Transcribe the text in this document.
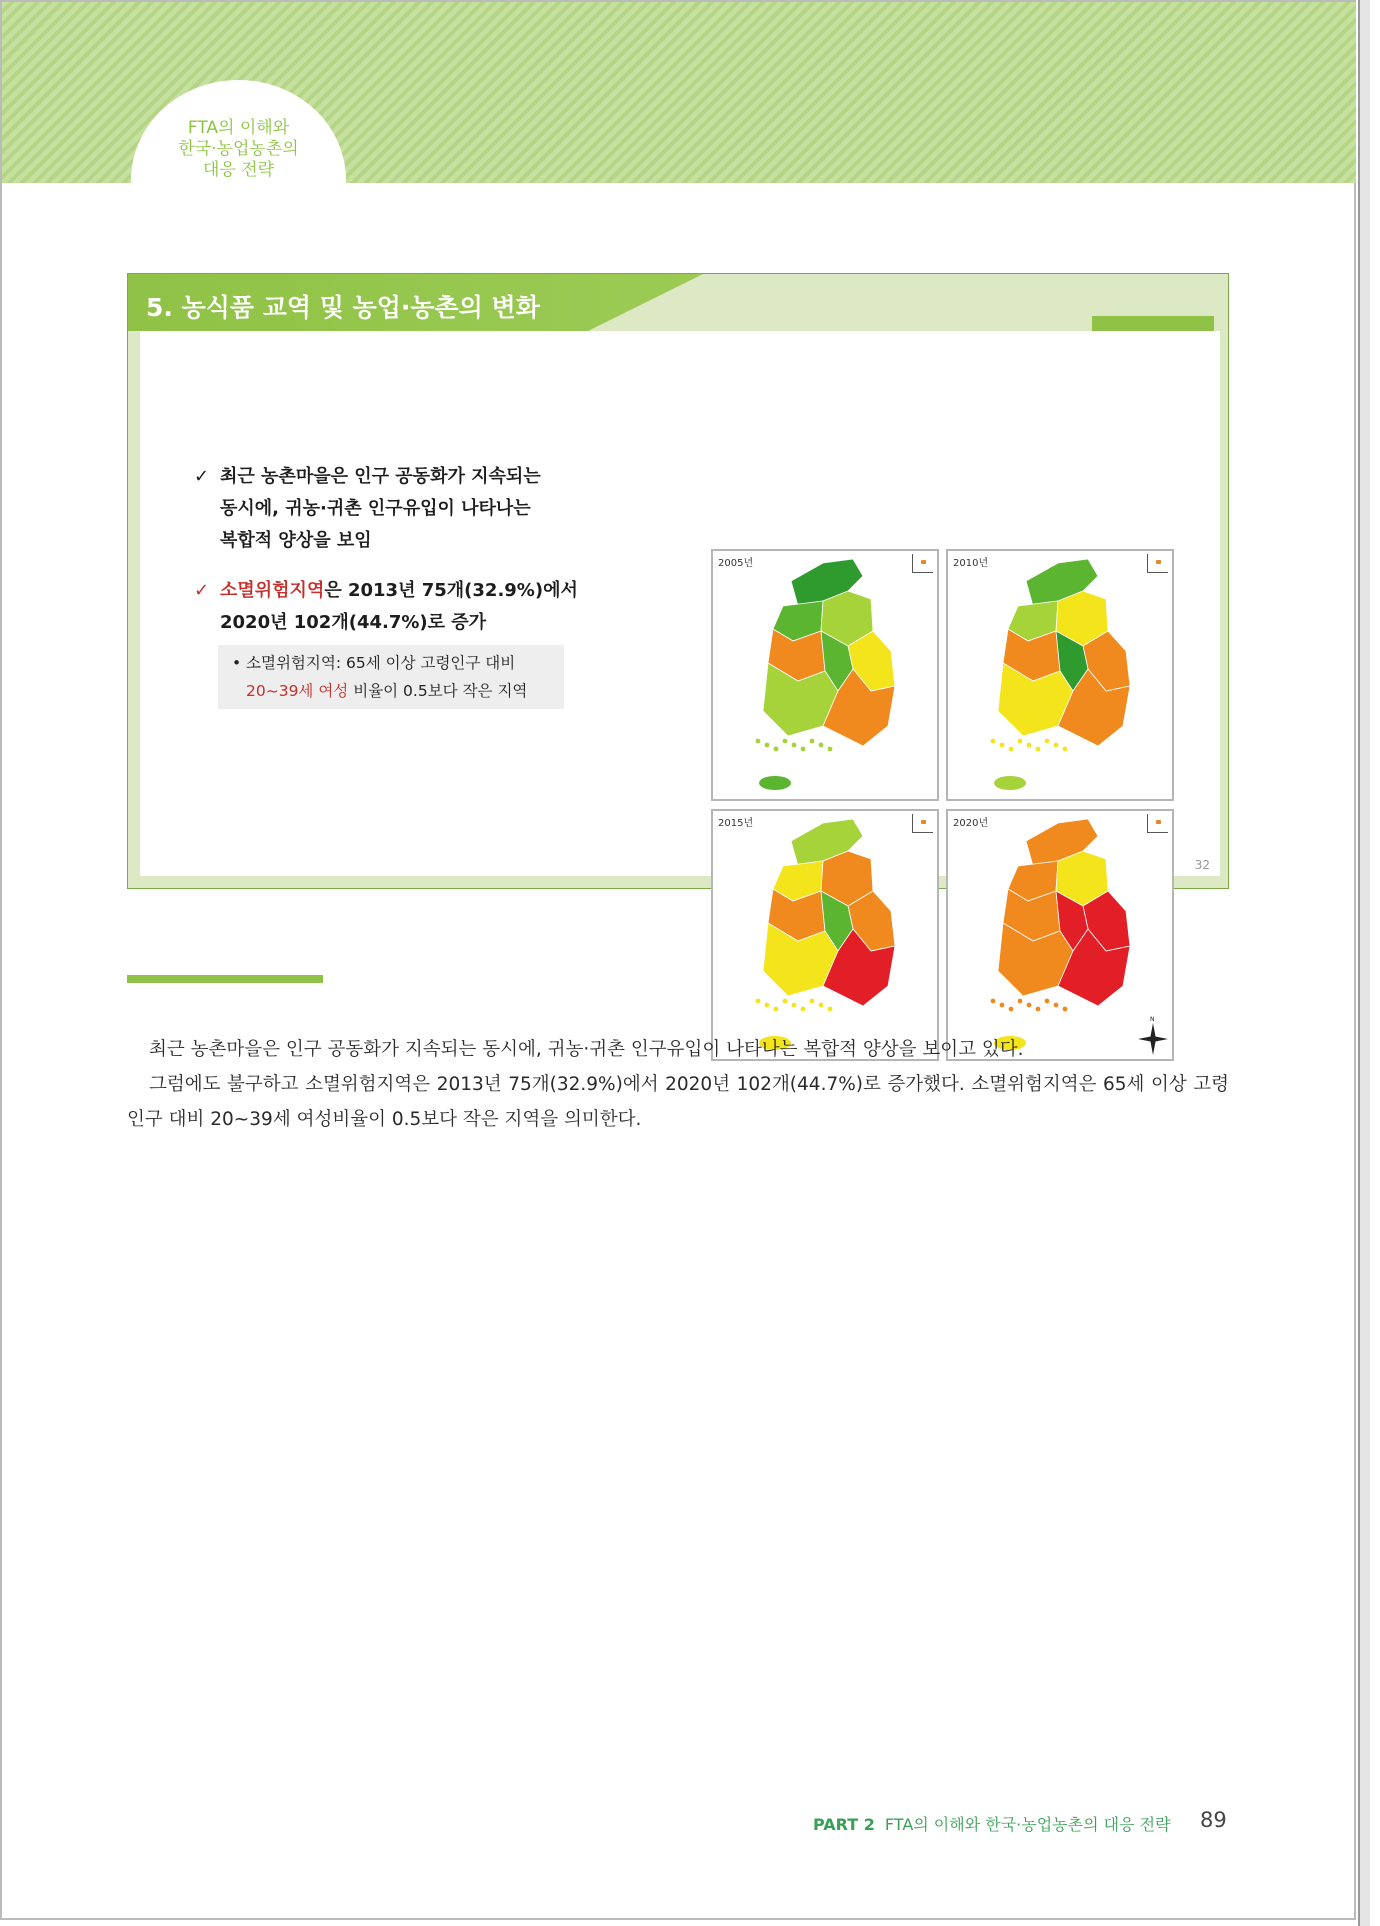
FTA의 이해와
한국·농업농촌의
대응 전략
5. 농식품 교역 및 농업·농촌의 변화
✓ 최근 농촌마을은 인구 공동화가 지속되는
동시에, 귀농·귀촌 인구유입이 나타나는
복합적 양상을 보임
✓ 소멸위험지역은 2013년 75개(32.9%)에서
2020년 102개(44.7%)로 증가
• 소멸위험지역: 65세 이상 고령인구 대비
20~39세 여성 비율이 0.5보다 작은 지역
2005년	2010년
2015년
N
2020년
32

최근 농촌마을은 인구 공동화가 지속되는 동시에, 귀농·귀촌 인구유입이 나타나는 복합적 양상을 보이고 있다.

그럼에도 불구하고 소멸위험지역은 2013년 75개(32.9%)에서 2020년 102개(44.7%)로 증가했다. 소멸위험지역은 65세 이상 고령인구 대비 20~39세 여성비율이 0.5보다 작은 지역을 의미한다.

PART 2 FTA의 이해와 한국·농업농촌의 대응 전략 89
